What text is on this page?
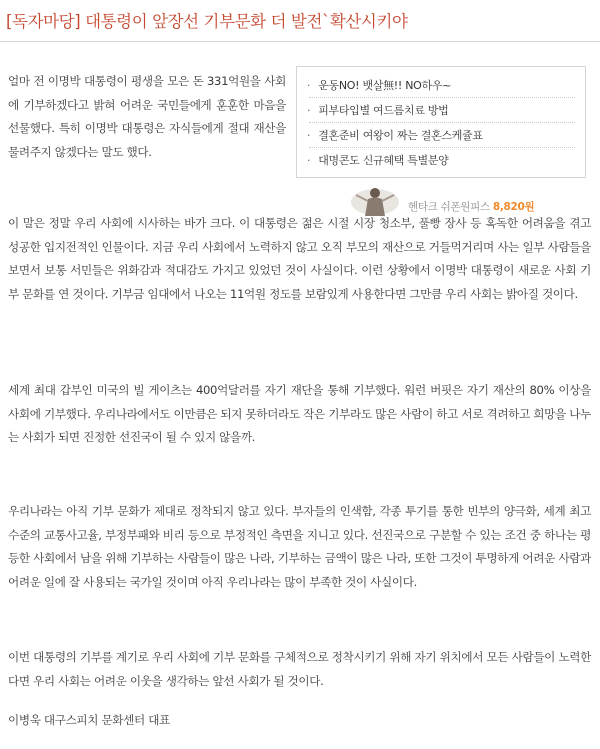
[독자마당] 대통령이 앞장선 기부문화 더 발전`확산시키야

얼마 전 이명박 대통령이 평생을 모은 돈 331억원을 사회에 기부하겠다고 밝혀 어려운 국민들에게 훈훈한 마음을 선물했다. 특히 이명박 대통령은 자식들에게 절대 재산을 물려주지 않겠다는 말도 했다.

· 운동NO! 뱃살無!! NO하우~
· 피부타입별 여드름치료 방법
· 결혼준비 여왕이 짜는 결혼스케쥴표
· 대명콘도 신규혜택 특별분양
헨타크 쉬폰원피스 8,820원

이 말은 정말 우리 사회에 시사하는 바가 크다. 이 대통령은 젊은 시절 시장 청소부, 풀빵 장사 등 혹독한 어려움을 겪고 성공한 입지전적인 인물이다. 지금 우리 사회에서 노력하지 않고 오직 부모의 재산으로 거들먹거리며 사는 일부 사람들을 보면서 보통 서민들은 위화감과 적대감도 가지고 있었던 것이 사실이다. 이런 상황에서 이명박 대통령이 새로운 사회 기부 문화를 연 것이다. 기부금 임대에서 나오는 11억원 정도를 보람있게 사용한다면 그만큼 우리 사회는 밝아질 것이다.

세계 최대 갑부인 미국의 빌 게이츠는 400억달러를 자기 재단을 통해 기부했다. 워런 버핏은 자기 재산의 80% 이상을 사회에 기부했다. 우리나라에서도 이만큼은 되지 못하더라도 작은 기부라도 많은 사람이 하고 서로 격려하고 희망을 나누는 사회가 되면 진정한 선진국이 될 수 있지 않을까.

우리나라는 아직 기부 문화가 제대로 정착되지 않고 있다. 부자들의 인색함, 각종 투기를 통한 빈부의 양극화, 세계 최고 수준의 교통사고율, 부정부패와 비리 등으로 부정적인 측면을 지니고 있다. 선진국으로 구분할 수 있는 조건 중 하나는 평등한 사회에서 남을 위해 기부하는 사람들이 많은 나라, 기부하는 금액이 많은 나라, 또한 그것이 투명하게 어려운 사람과 어려운 일에 잘 사용되는 국가일 것이며 아직 우리나라는 많이 부족한 것이 사실이다.

이번 대통령의 기부를 계기로 우리 사회에 기부 문화를 구체적으로 정착시키기 위해 자기 위치에서 모든 사람들이 노력한다면 우리 사회는 어려운 이웃을 생각하는 앞선 사회가 될 것이다.

이병욱 대구스피치 문화센터 대표
